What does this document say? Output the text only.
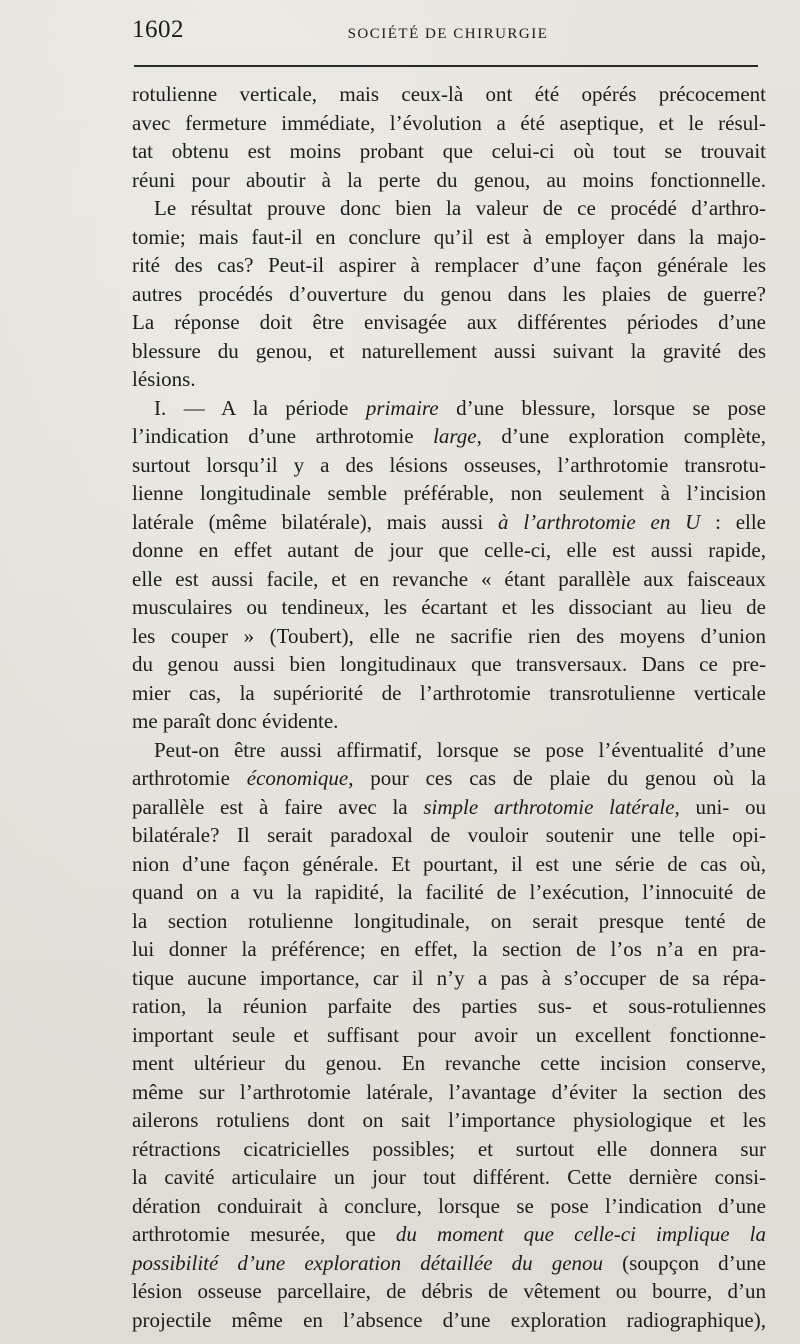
1602	SOCIÉTÉ DE CHIRURGIE
rotulienne verticale, mais ceux-là ont été opérés précocement
avec fermeture immédiate, l’évolution a été aseptique, et le résul-
tat obtenu est moins probant que celui-ci où tout se trouvait
réuni pour aboutir à la perte du genou, au moins fonctionnelle.
Le résultat prouve donc bien la valeur de ce procédé d’arthro-
tomie; mais faut-il en conclure qu’il est à employer dans la majo-
rité des cas? Peut-il aspirer à remplacer d’une façon générale les
autres procédés d’ouverture du genou dans les plaies de guerre?
La réponse doit être envisagée aux différentes périodes d’une
blessure du genou, et naturellement aussi suivant la gravité des
lésions.
I. — A la période primaire d’une blessure, lorsque se pose
l’indication d’une arthrotomie large, d’une exploration complète,
surtout lorsqu’il y a des lésions osseuses, l’arthrotomie transrotu-
lienne longitudinale semble préférable, non seulement à l’incision
latérale (même bilatérale), mais aussi à l’arthrotomie en U : elle
donne en effet autant de jour que celle-ci, elle est aussi rapide,
elle est aussi facile, et en revanche « étant parallèle aux faisceaux
musculaires ou tendineux, les écartant et les dissociant au lieu de
les couper » (Toubert), elle ne sacrifie rien des moyens d’union
du genou aussi bien longitudinaux que transversaux. Dans ce pre-
mier cas, la supériorité de l’arthrotomie transrotulienne verticale
me paraît donc évidente.
Peut-on être aussi affirmatif, lorsque se pose l’éventualité d’une
arthrotomie économique, pour ces cas de plaie du genou où la
parallèle est à faire avec la simple arthrotomie latérale, uni- ou
bilatérale? Il serait paradoxal de vouloir soutenir une telle opi-
nion d’une façon générale. Et pourtant, il est une série de cas où,
quand on a vu la rapidité, la facilité de l’exécution, l’innocuité de
la section rotulienne longitudinale, on serait presque tenté de
lui donner la préférence; en effet, la section de l’os n’a en pra-
tique aucune importance, car il n’y a pas à s’occuper de sa répa-
ration, la réunion parfaite des parties sus- et sous-rotuliennes
important seule et suffisant pour avoir un excellent fonctionne-
ment ultérieur du genou. En revanche cette incision conserve,
même sur l’arthrotomie latérale, l’avantage d’éviter la section des
ailerons rotuliens dont on sait l’importance physiologique et les
rétractions cicatricielles possibles; et surtout elle donnera sur
la cavité articulaire un jour tout différent. Cette dernière consi-
dération conduirait à conclure, lorsque se pose l’indication d’une
arthrotomie mesurée, que du moment que celle-ci implique la
possibilité d’une exploration détaillée du genou (soupçon d’une
lésion osseuse parcellaire, de débris de vêtement ou bourre, d’un
projectile même en l’absence d’une exploration radiographique),
